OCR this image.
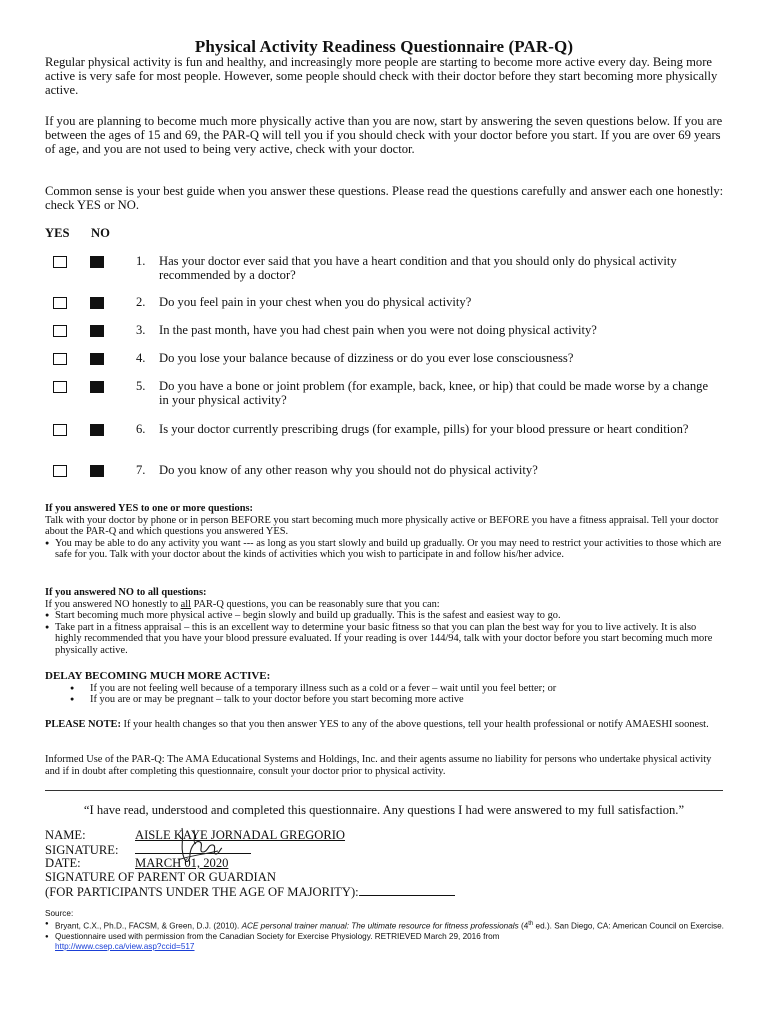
Physical Activity Readiness Questionnaire (PAR-Q)

Regular physical activity is fun and healthy, and increasingly more people are starting to become more active every day. Being more active is very safe for most people. However, some people should check with their doctor before they start becoming more physically active.

If you are planning to become much more physically active than you are now, start by answering the seven questions below. If you are between the ages of 15 and 69, the PAR-Q will tell you if you should check with your doctor before you start. If you are over 69 years of age, and you are not used to being very active, check with your doctor.

Common sense is your best guide when you answer these questions. Please read the questions carefully and answer each one honestly: check YES or NO.

YES NO
1. Has your doctor ever said that you have a heart condition and that you should only do physical activity recommended by a doctor?
2. Do you feel pain in your chest when you do physical activity?
3. In the past month, have you had chest pain when you were not doing physical activity?
4. Do you lose your balance because of dizziness or do you ever lose consciousness?
5. Do you have a bone or joint problem (for example, back, knee, or hip) that could be made worse by a change in your physical activity?
6. Is your doctor currently prescribing drugs (for example, pills) for your blood pressure or heart condition?
7. Do you know of any other reason why you should not do physical activity?
If you answered YES to one or more questions:
Talk with your doctor by phone or in person BEFORE you start becoming much more physically active or BEFORE you have a fitness appraisal. Tell your doctor about the PAR-Q and which questions you answered YES.
● You may be able to do any activity you want --- as long as you start slowly and build up gradually. Or you may need to restrict your activities to those which are safe for you. Talk with your doctor about the kinds of activities which you wish to participate in and follow his/her advice.
If you answered NO to all questions:
If you answered NO honestly to all PAR-Q questions, you can be reasonably sure that you can:
● Start becoming much more physical active – begin slowly and build up gradually. This is the safest and easiest way to go.
● Take part in a fitness appraisal – this is an excellent way to determine your basic fitness so that you can plan the best way for you to live actively. It is also highly recommended that you have your blood pressure evaluated. If your reading is over 144/94, talk with your doctor before you start becoming much more physically active.
DELAY BECOMING MUCH MORE ACTIVE:
● If you are not feeling well because of a temporary illness such as a cold or a fever – wait until you feel better; or
● If you are or may be pregnant – talk to your doctor before you start becoming more active
PLEASE NOTE: If your health changes so that you then answer YES to any of the above questions, tell your health professional or notify AMAESHI soonest.
Informed Use of the PAR-Q: The AMA Educational Systems and Holdings, Inc. and their agents assume no liability for persons who undertake physical activity and if in doubt after completing this questionnaire, consult your doctor prior to physical activity.
“I have read, understood and completed this questionnaire. Any questions I had were answered to my full satisfaction.”
NAME:	AISLE KAYE JORNADAL GREGORIO
SIGNATURE:
DATE:	MARCH 01, 2020
SIGNATURE OF PARENT OR GUARDIAN
(FOR PARTICIPANTS UNDER THE AGE OF MAJORITY):
Source:
● Bryant, C.X., Ph.D., FACSM, & Green, D.J. (2010). ACE personal trainer manual: The ultimate resource for fitness professionals (4th ed.). San Diego, CA: American Council on Exercise.
● Questionnaire used with permission from the Canadian Society for Exercise Physiology. RETRIEVED March 29, 2016 from
http://www.csep.ca/view.asp?ccid=517
